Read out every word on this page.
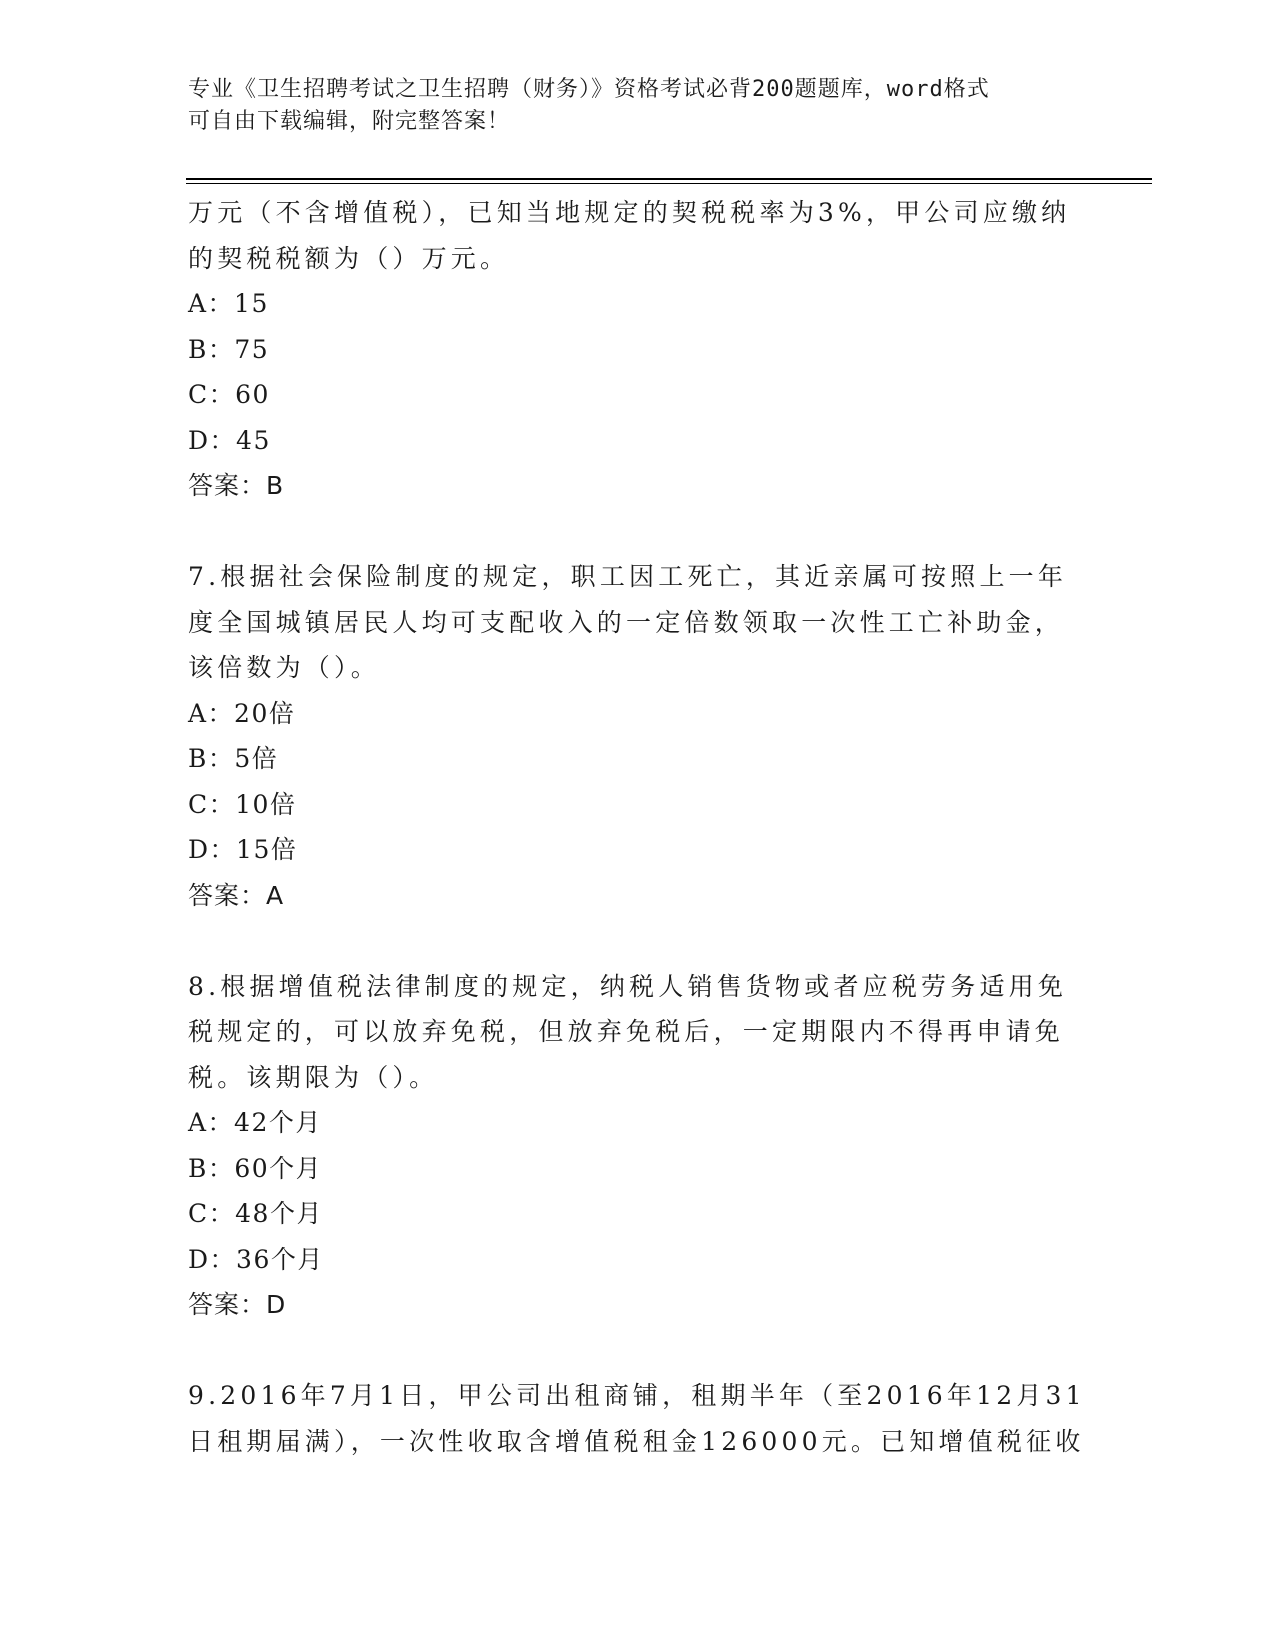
专业《卫生招聘考试之卫生招聘（财务）》资格考试必背200题题库，word格式
可自由下载编辑，附完整答案！
万元（不含增值税），已知当地规定的契税税率为3%，甲公司应缴纳
的契税税额为（）万元。
A：15
B：75
C：60
D：45
答案：B
7.根据社会保险制度的规定，职工因工死亡，其近亲属可按照上一年
度全国城镇居民人均可支配收入的一定倍数领取一次性工亡补助金，
该倍数为（）。
A：20倍
B：5倍
C：10倍
D：15倍
答案：A
8.根据增值税法律制度的规定，纳税人销售货物或者应税劳务适用免
税规定的，可以放弃免税，但放弃免税后，一定期限内不得再申请免
税。该期限为（）。
A：42个月
B：60个月
C：48个月
D：36个月
答案：D
9.2016年7月1日，甲公司出租商铺，租期半年（至2016年12月31
日租期届满），一次性收取含增值税租金126000元。已知增值税征收
